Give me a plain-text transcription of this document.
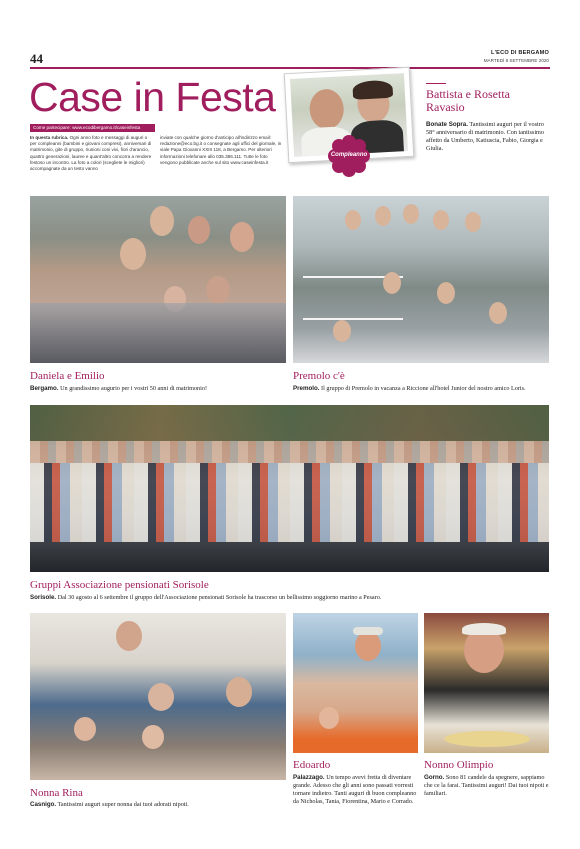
44	L'ECO DI BERGAMO
MARTEDÌ 8 SETTEMBRE 2020
Case in Festa
Come partecipare: www.ecodibergamo.it/caseinfesta
In questa rubrica. Ogni anno foto e messaggi di auguri o per compleanni (bambini e giovani compresi), anniversari di matrimonio, gite di gruppo, riunioni coni vivi, fiori d'arancio, quattro generazioni, lauree e quant'altro concorra a rendere festoso un incontro. La foto a colori (scegliete le migliori) accompagnate da un testo vanno
inviate con qualche giorno d'anticipo all'indirizzo email: redazione@eco.bg.it o consegnate agli uffici del giornale, in viale Papa Giovanni XXIII 118, a Bergamo. Per ulteriori informazioni telefonare allo 035.386.111. Tutte le foto vengono pubblicate anche sul sito www.caseinfesta.it
Compleanno
Battista e Rosetta Ravasio
Bonate Sopra. Tantissimi auguri per il vostro 58° anniversario di matrimonio. Con tantissimo affetto da Umberto, Katiuscia, Fabio, Giorgia e Giulia.
Daniela e Emilio
Bergamo. Un grandissimo augurio per i vostri 50 anni di matrimonio!
Premolo c'è
Premolo. Il gruppo di Premolo in vacanza a Riccione all'hotel Junior del nostro amico Loris.
Gruppi Associazione pensionati Sorisole
Sorisole. Dal 30 agosto al 6 settembre il gruppo dell'Associazione pensionati Sorisole ha trascorso un bellissimo soggiorno marino a Pesaro.
Nonna Rina
Casnigo. Tantissimi auguri super nonna dai tuoi adorati nipoti.
Edoardo
Palazzago. Un tempo avevi fretta di diventare grande. Adesso che gli anni sono passati vorresti tornare indietro. Tanti auguri di buon compleanno da Nicholas, Tania, Fiorentina, Mario e Corrado.
Nonno Olimpio
Gorno. Sono 81 candele da spegnere, sappiamo che ce la farai. Tantissimi auguri! Dai tuoi nipoti e familiari.
